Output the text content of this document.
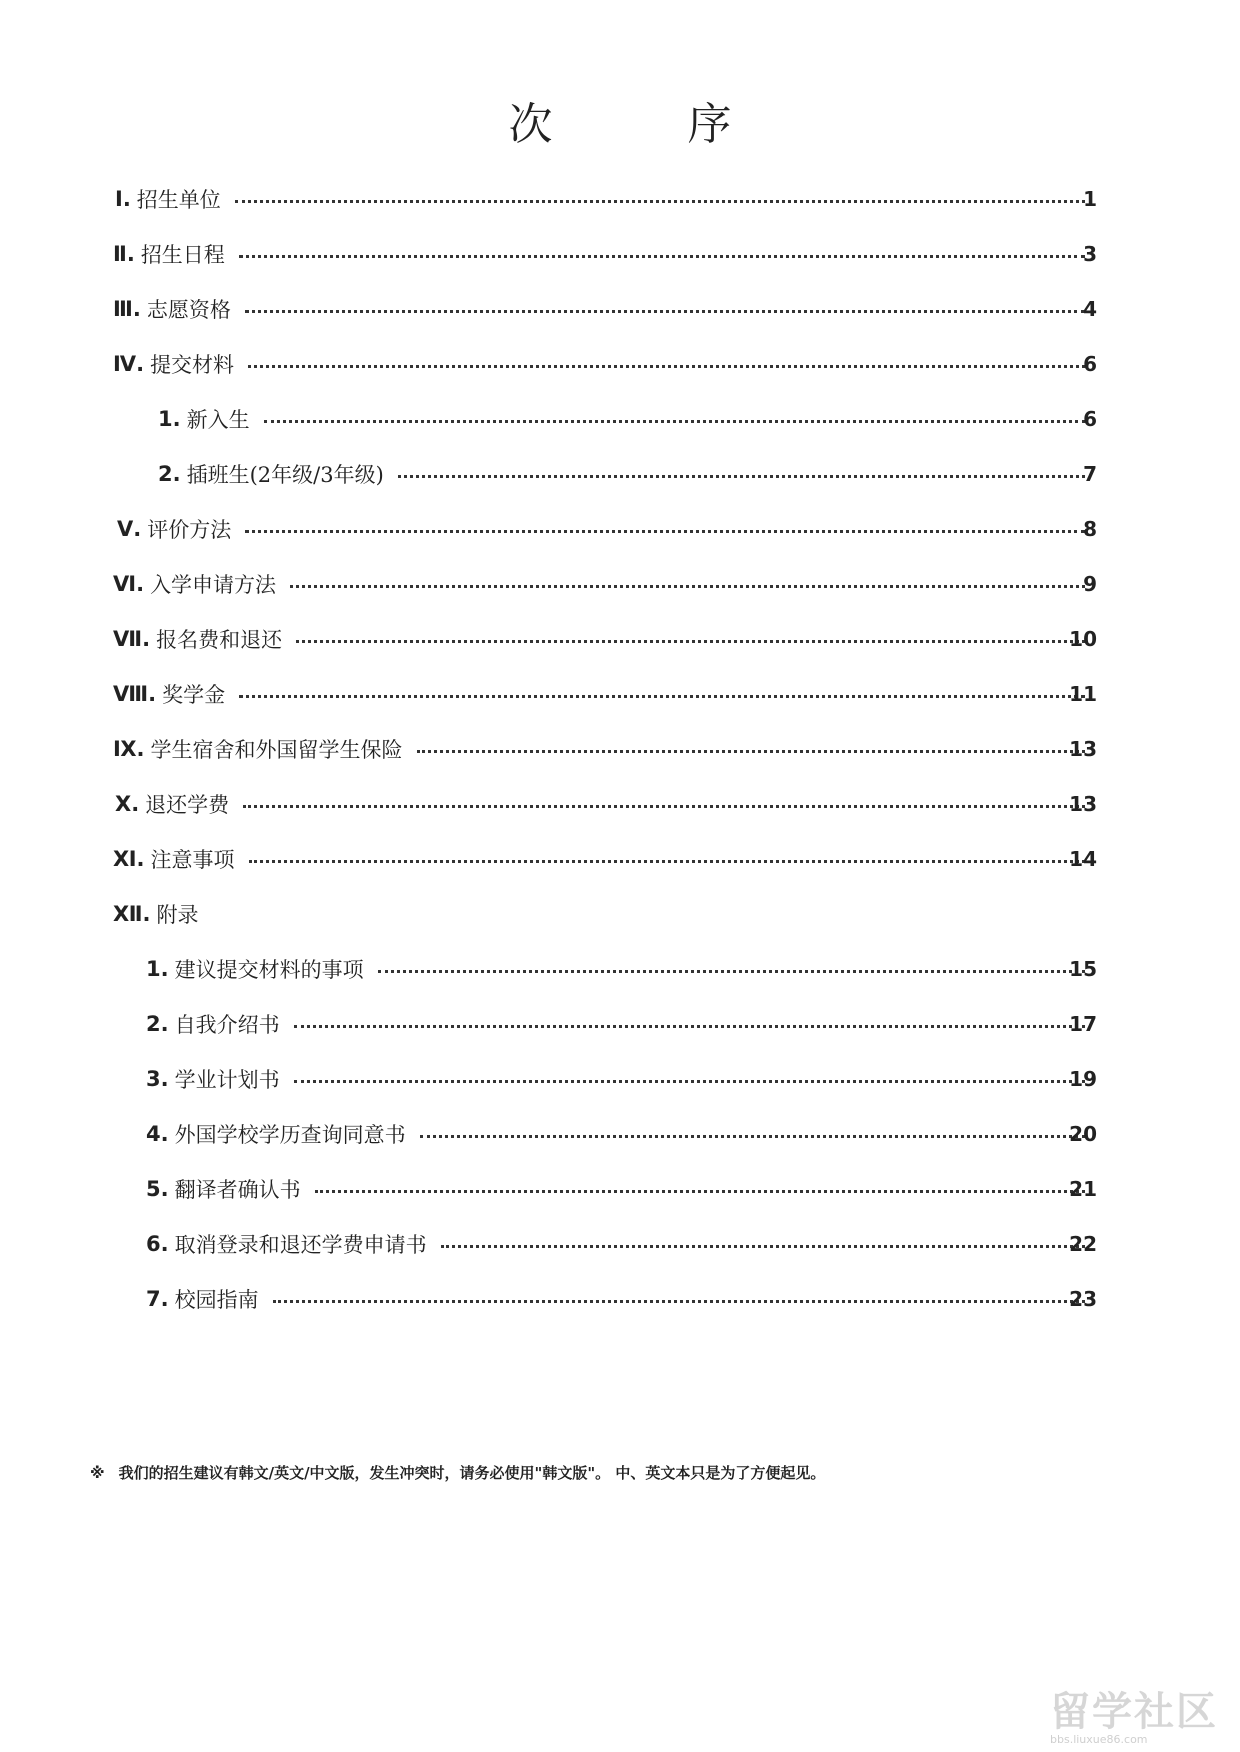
次	序
Ⅰ. 招生单位	1
Ⅱ. 招生日程	3
Ⅲ. 志愿资格	4
Ⅳ. 提交材料	6
1. 新入生	6
2. 插班生(2年级/3年级)	7
Ⅴ. 评价方法	8
Ⅵ. 入学申请方法	9
Ⅶ. 报名费和退还	10
Ⅷ. 奖学金	11
Ⅸ. 学生宿舍和外国留学生保险	13
Ⅹ. 退还学费	13
Ⅺ. 注意事项	14
Ⅻ. 附录
1. 建议提交材料的事项	15
2. 自我介绍书	17
3. 学业计划书	19
4. 外国学校学历查询同意书	20
5. 翻译者确认书	21
6. 取消登录和退还学费申请书	22
7. 校园指南	23
※ 我们的招生建议有韩文/英文/中文版，发生冲突时，请务必使用"韩文版"。 中、英文本只是为了方便起见。
留学社区
bbs.liuxue86.com
